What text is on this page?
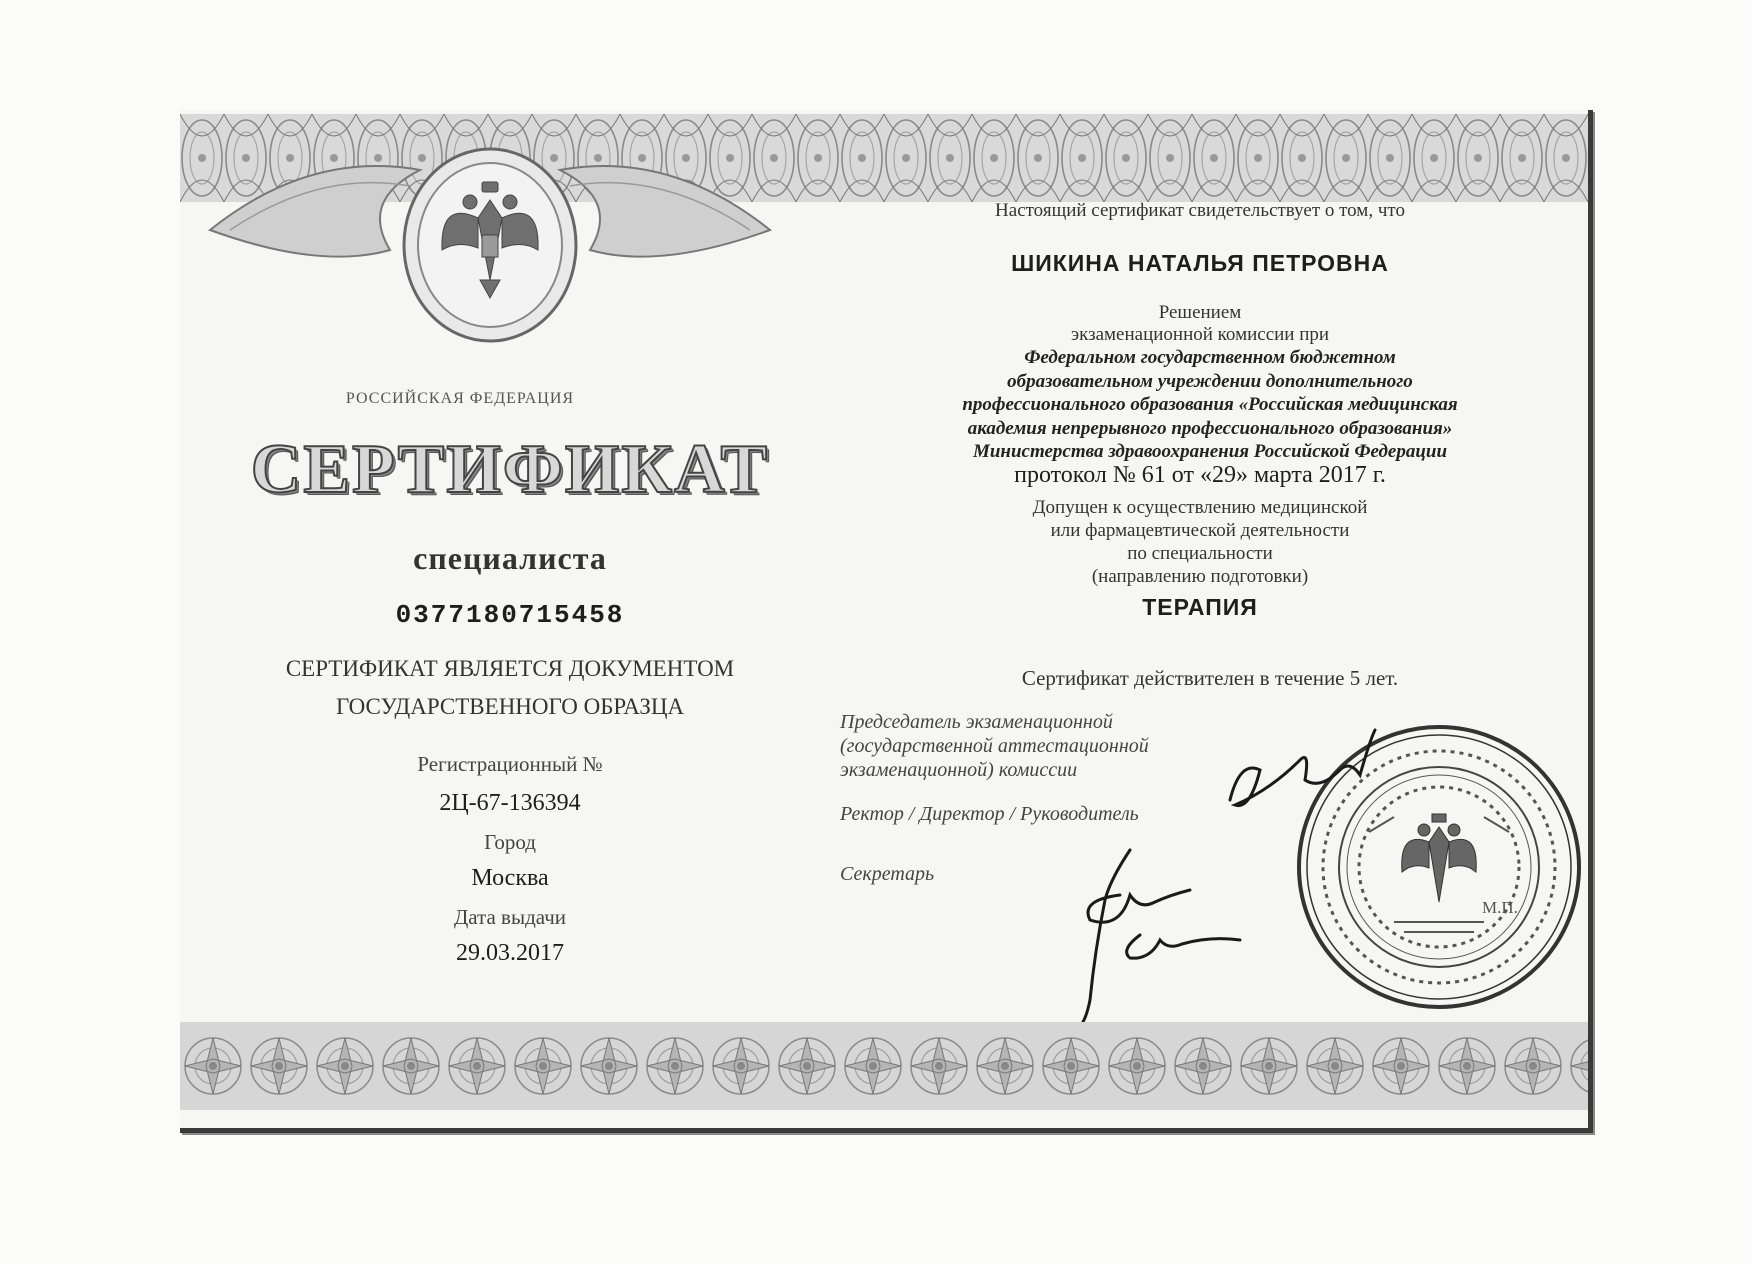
РОССИЙСКАЯ ФЕДЕРАЦИЯ
СЕРТИФИКАТ
специалиста
0377180715458
СЕРТИФИКАТ ЯВЛЯЕТСЯ ДОКУМЕНТОМ
ГОСУДАРСТВЕННОГО ОБРАЗЦА
Регистрационный №
2Ц-67-136394
Город
Москва
Дата выдачи
29.03.2017
Настоящий сертификат свидетельствует о том, что
ШИКИНА НАТАЛЬЯ ПЕТРОВНА
Решением
экзаменационной комиссии при
Федеральном государственном бюджетном
образовательном учреждении дополнительного
профессионального образования «Российская медицинская
академия непрерывного профессионального образования»
Министерства здравоохранения Российской Федерации
протокол № 61 от «29» марта 2017 г.
Допущен к осуществлению медицинской
или фармацевтической деятельности
по специальности
(направлению подготовки)
ТЕРАПИЯ
Сертификат действителен в течение 5 лет.
Председатель экзаменационной
(государственной аттестационной
экзаменационной) комиссии
Ректор / Директор / Руководитель
Секретарь
М.П.
